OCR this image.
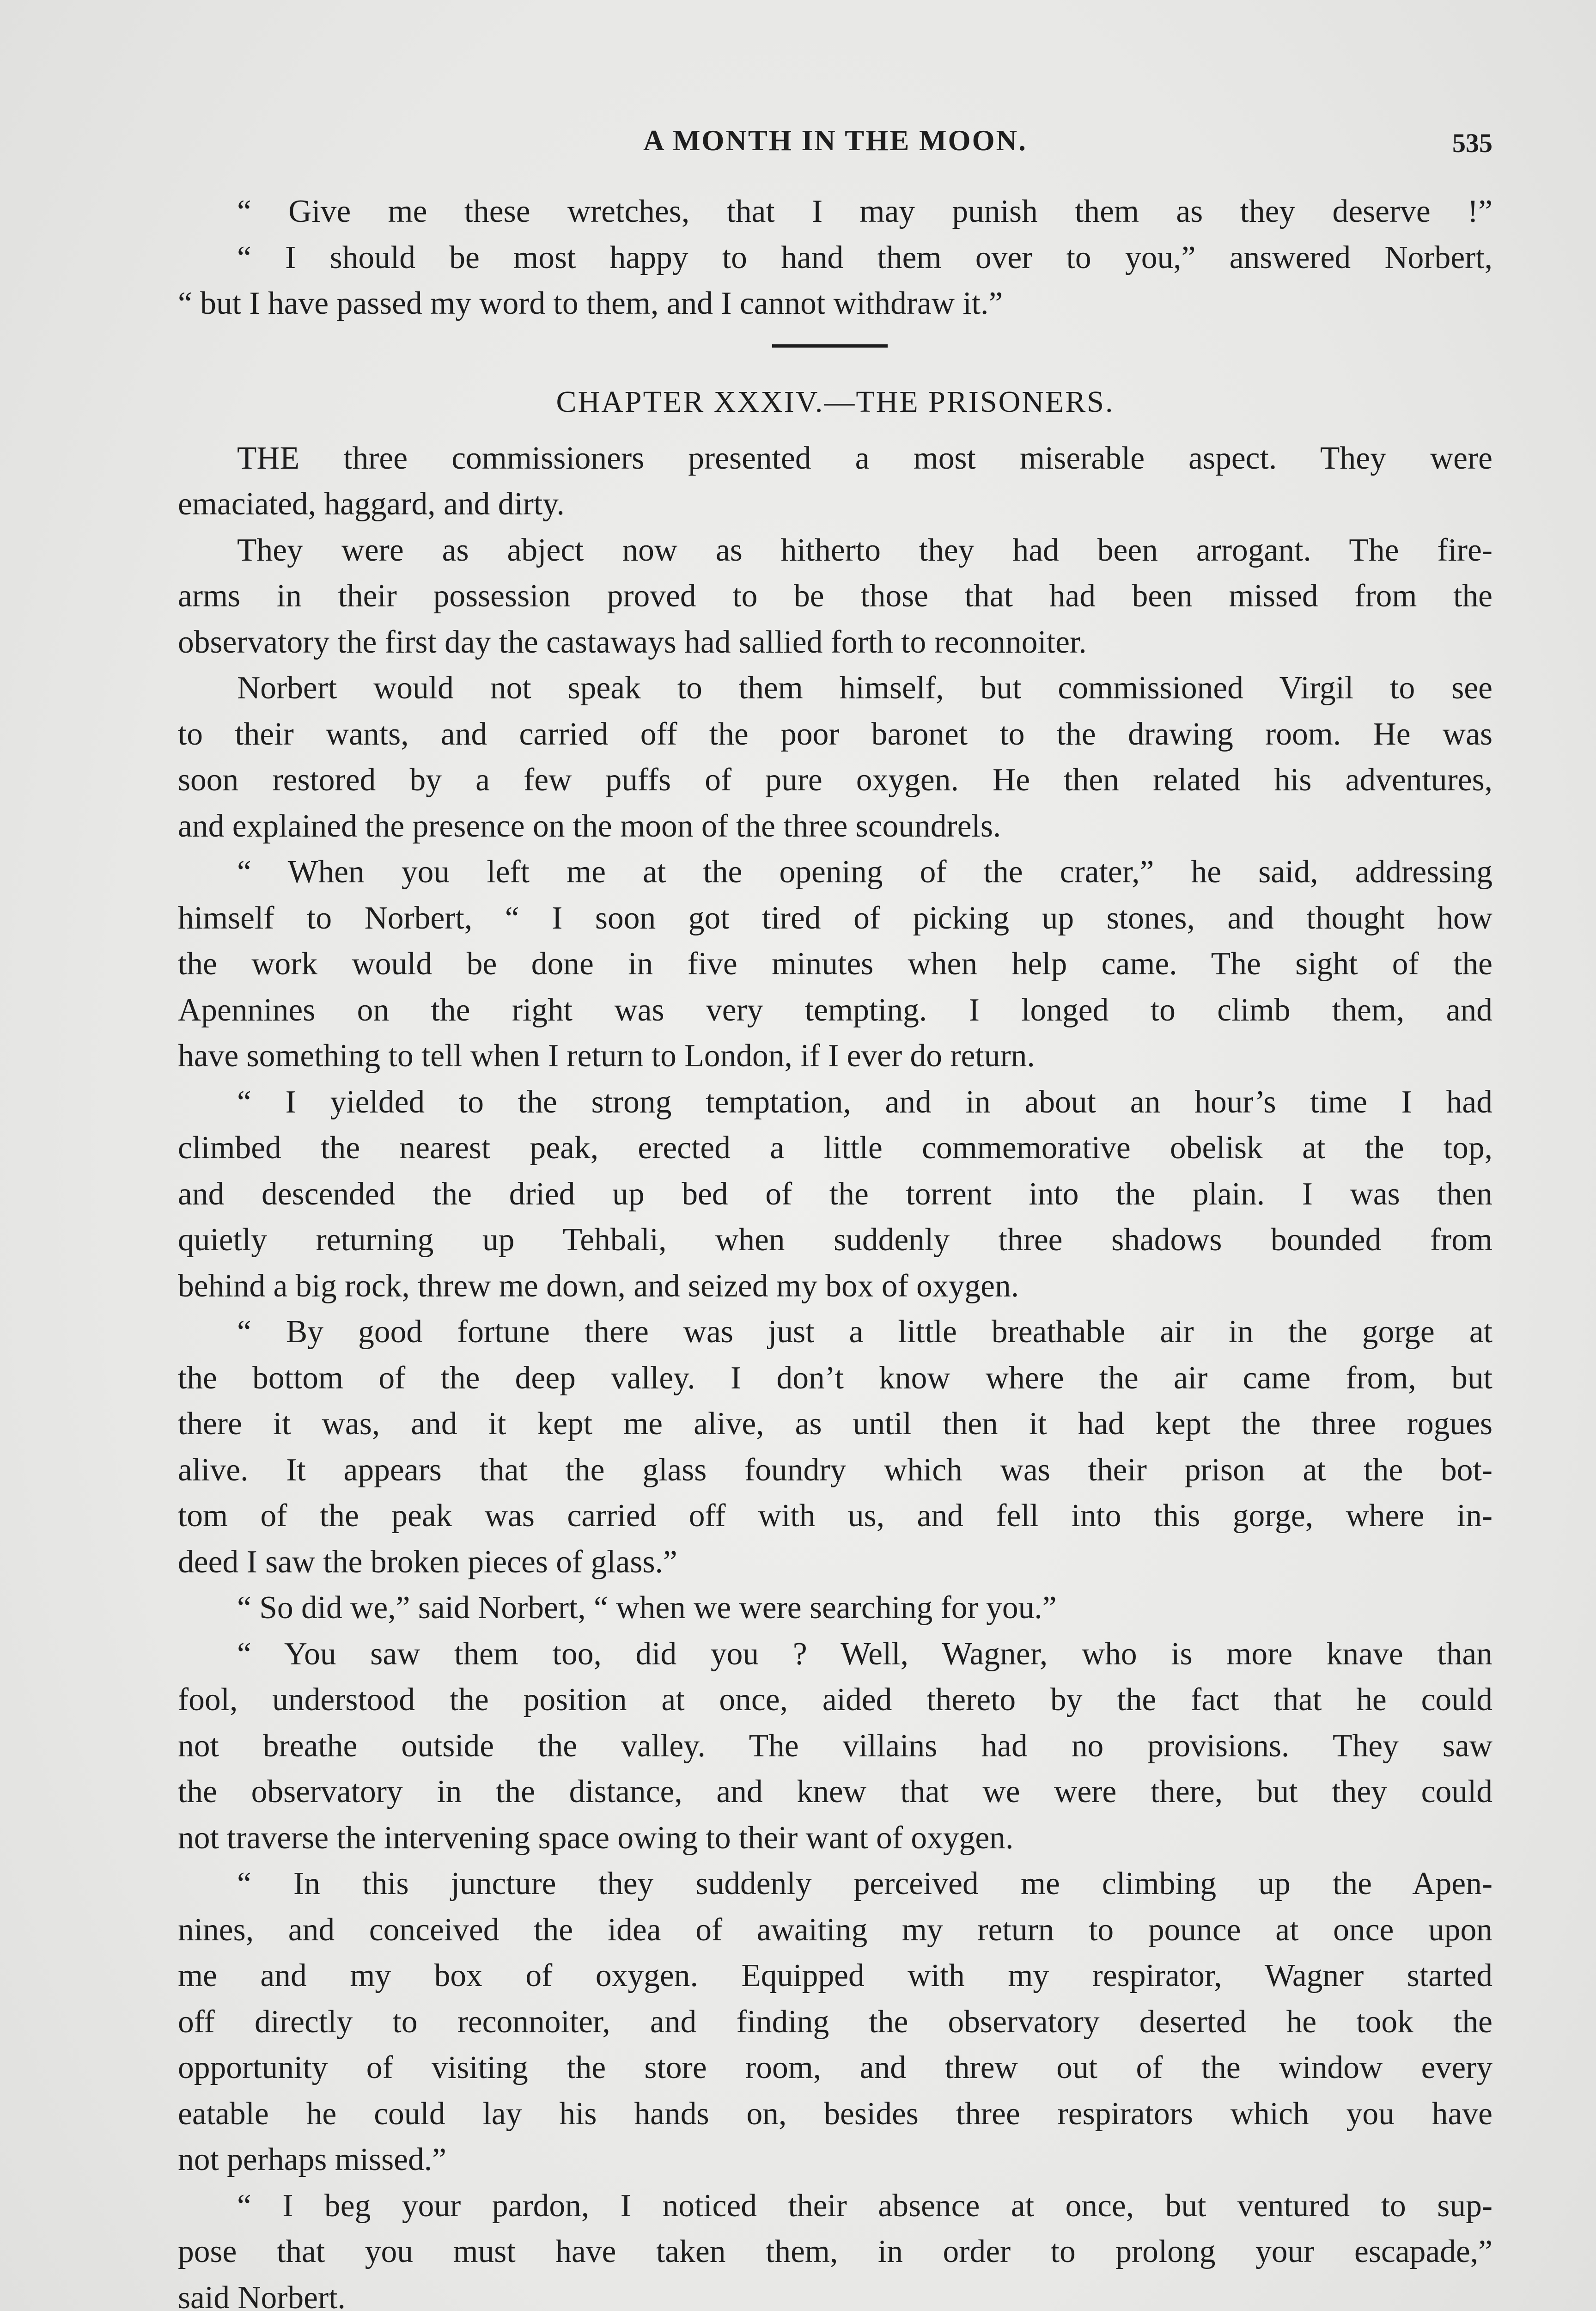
A MONTH IN THE MOON.	535
“ Give me these wretches, that I may punish them as they deserve !”
“ I should be most happy to hand them over to you,” answered Norbert,
“ but I have passed my word to them, and I cannot withdraw it.”
CHAPTER XXXIV.—THE PRISONERS.
THE three commissioners presented a most miserable aspect. They were
emaciated, haggard, and dirty.
They were as abject now as hitherto they had been arrogant. The fire-
arms in their possession proved to be those that had been missed from the
observatory the first day the castaways had sallied forth to reconnoiter.
Norbert would not speak to them himself, but commissioned Virgil to see
to their wants, and carried off the poor baronet to the drawing room. He was
soon restored by a few puffs of pure oxygen. He then related his adventures,
and explained the presence on the moon of the three scoundrels.
“ When you left me at the opening of the crater,” he said, addressing
himself to Norbert, “ I soon got tired of picking up stones, and thought how
the work would be done in five minutes when help came. The sight of the
Apennines on the right was very tempting. I longed to climb them, and
have something to tell when I return to London, if I ever do return.
“ I yielded to the strong temptation, and in about an hour’s time I had
climbed the nearest peak, erected a little commemorative obelisk at the top,
and descended the dried up bed of the torrent into the plain. I was then
quietly returning up Tehbali, when suddenly three shadows bounded from
behind a big rock, threw me down, and seized my box of oxygen.
“ By good fortune there was just a little breathable air in the gorge at
the bottom of the deep valley. I don’t know where the air came from, but
there it was, and it kept me alive, as until then it had kept the three rogues
alive. It appears that the glass foundry which was their prison at the bot-
tom of the peak was carried off with us, and fell into this gorge, where in-
deed I saw the broken pieces of glass.”
“ So did we,” said Norbert, “ when we were searching for you.”
“ You saw them too, did you ? Well, Wagner, who is more knave than
fool, understood the position at once, aided thereto by the fact that he could
not breathe outside the valley. The villains had no provisions. They saw
the observatory in the distance, and knew that we were there, but they could
not traverse the intervening space owing to their want of oxygen.
“ In this juncture they suddenly perceived me climbing up the Apen-
nines, and conceived the idea of awaiting my return to pounce at once upon
me and my box of oxygen. Equipped with my respirator, Wagner started
off directly to reconnoiter, and finding the observatory deserted he took the
opportunity of visiting the store room, and threw out of the window every
eatable he could lay his hands on, besides three respirators which you have
not perhaps missed.”
“ I beg your pardon, I noticed their absence at once, but ventured to sup-
pose that you must have taken them, in order to prolong your escapade,”
said Norbert.
